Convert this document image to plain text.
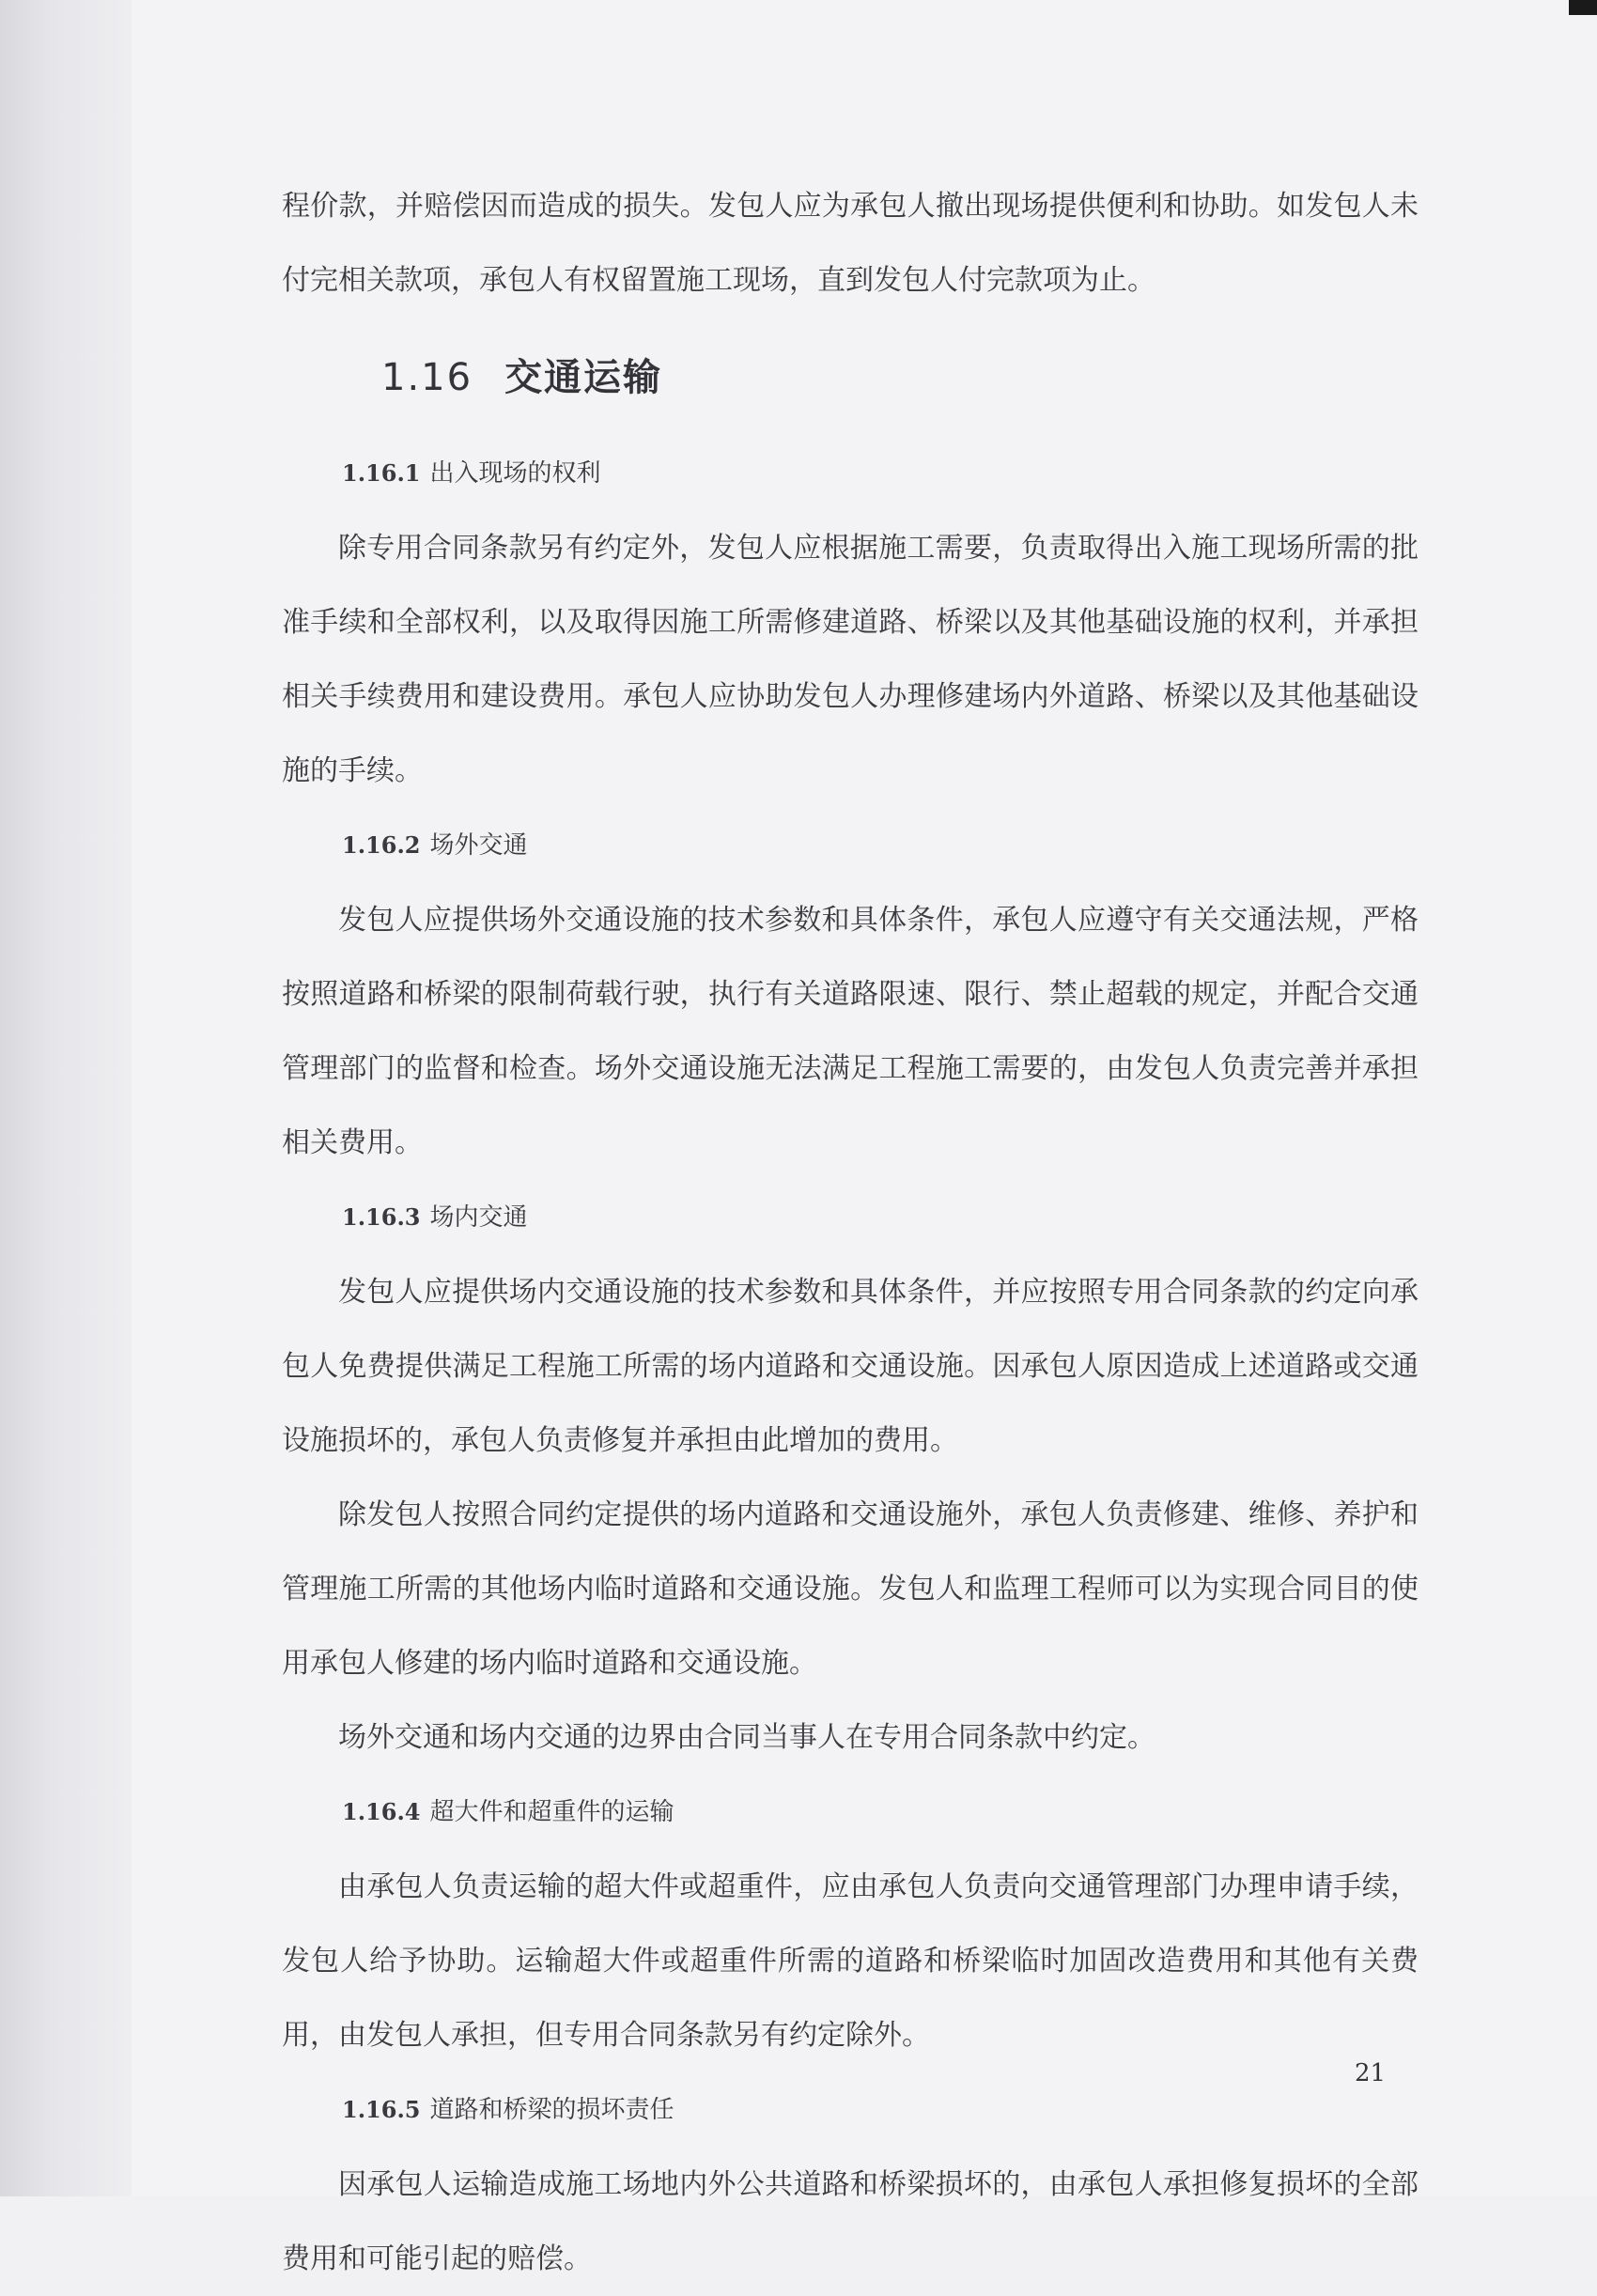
程价款，并赔偿因而造成的损失。发包人应为承包人撤出现场提供便利和协助。如发包人未付完相关款项，承包人有权留置施工现场，直到发包人付完款项为止。

1.16 交通运输
1.16.1 出入现场的权利

除专用合同条款另有约定外，发包人应根据施工需要，负责取得出入施工现场所需的批准手续和全部权利，以及取得因施工所需修建道路、桥梁以及其他基础设施的权利，并承担相关手续费用和建设费用。承包人应协助发包人办理修建场内外道路、桥梁以及其他基础设施的手续。

1.16.2 场外交通

发包人应提供场外交通设施的技术参数和具体条件，承包人应遵守有关交通法规，严格按照道路和桥梁的限制荷载行驶，执行有关道路限速、限行、禁止超载的规定，并配合交通管理部门的监督和检查。场外交通设施无法满足工程施工需要的，由发包人负责完善并承担相关费用。

1.16.3 场内交通

发包人应提供场内交通设施的技术参数和具体条件，并应按照专用合同条款的约定向承包人免费提供满足工程施工所需的场内道路和交通设施。因承包人原因造成上述道路或交通设施损坏的，承包人负责修复并承担由此增加的费用。

除发包人按照合同约定提供的场内道路和交通设施外，承包人负责修建、维修、养护和管理施工所需的其他场内临时道路和交通设施。发包人和监理工程师可以为实现合同目的使用承包人修建的场内临时道路和交通设施。

场外交通和场内交通的边界由合同当事人在专用合同条款中约定。

1.16.4 超大件和超重件的运输

由承包人负责运输的超大件或超重件，应由承包人负责向交通管理部门办理申请手续，发包人给予协助。运输超大件或超重件所需的道路和桥梁临时加固改造费用和其他有关费用，由发包人承担，但专用合同条款另有约定除外。

1.16.5 道路和桥梁的损坏责任

因承包人运输造成施工场地内外公共道路和桥梁损坏的，由承包人承担修复损坏的全部费用和可能引起的赔偿。

21
